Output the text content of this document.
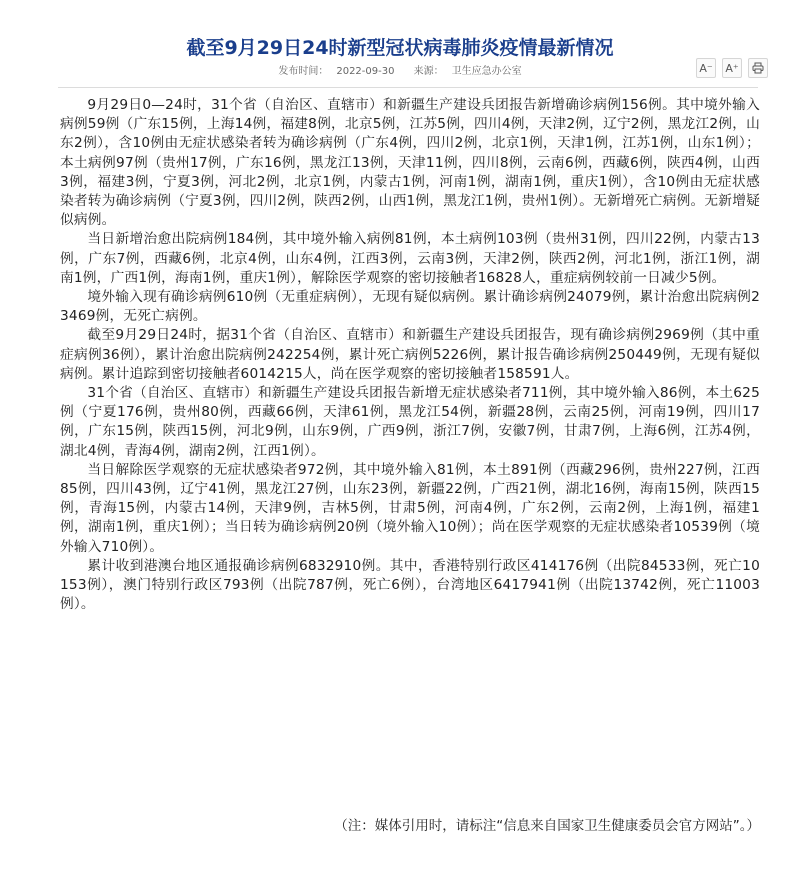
截至9月29日24时新型冠状病毒肺炎疫情最新情况
发布时间： 2022-09-30 来源： 卫生应急办公室	A⁻ A⁺

9月29日0—24时，31个省（自治区、直辖市）和新疆生产建设兵团报告新增确诊病例156例。其中境外输入病例59例（广东15例，上海14例，福建8例，北京5例，江苏5例，四川4例，天津2例，辽宁2例，黑龙江2例，山东2例），含10例由无症状感染者转为确诊病例（广东4例，四川2例，北京1例，天津1例，江苏1例，山东1例）；本土病例97例（贵州17例，广东16例，黑龙江13例，天津11例，四川8例，云南6例，西藏6例，陕西4例，山西3例，福建3例，宁夏3例，河北2例，北京1例，内蒙古1例，河南1例，湖南1例，重庆1例），含10例由无症状感染者转为确诊病例（宁夏3例，四川2例，陕西2例，山西1例，黑龙江1例，贵州1例）。无新增死亡病例。无新增疑似病例。

当日新增治愈出院病例184例，其中境外输入病例81例，本土病例103例（贵州31例，四川22例，内蒙古13例，广东7例，西藏6例，北京4例，山东4例，江西3例，云南3例，天津2例，陕西2例，河北1例，浙江1例，湖南1例，广西1例，海南1例，重庆1例），解除医学观察的密切接触者16828人，重症病例较前一日减少5例。

境外输入现有确诊病例610例（无重症病例），无现有疑似病例。累计确诊病例24079例，累计治愈出院病例23469例，无死亡病例。

截至9月29日24时，据31个省（自治区、直辖市）和新疆生产建设兵团报告，现有确诊病例2969例（其中重症病例36例），累计治愈出院病例242254例，累计死亡病例5226例，累计报告确诊病例250449例，无现有疑似病例。累计追踪到密切接触者6014215人，尚在医学观察的密切接触者158591人。

31个省（自治区、直辖市）和新疆生产建设兵团报告新增无症状感染者711例，其中境外输入86例，本土625例（宁夏176例，贵州80例，西藏66例，天津61例，黑龙江54例，新疆28例，云南25例，河南19例，四川17例，广东15例，陕西15例，河北9例，山东9例，广西9例，浙江7例，安徽7例，甘肃7例，上海6例，江苏4例，湖北4例，青海4例，湖南2例，江西1例）。

当日解除医学观察的无症状感染者972例，其中境外输入81例，本土891例（西藏296例，贵州227例，江西85例，四川43例，辽宁41例，黑龙江27例，山东23例，新疆22例，广西21例，湖北16例，海南15例，陕西15例，青海15例，内蒙古14例，天津9例，吉林5例，甘肃5例，河南4例，广东2例，云南2例，上海1例，福建1例，湖南1例，重庆1例）；当日转为确诊病例20例（境外输入10例）；尚在医学观察的无症状感染者10539例（境外输入710例）。

累计收到港澳台地区通报确诊病例6832910例。其中，香港特别行政区414176例（出院84533例，死亡10153例），澳门特别行政区793例（出院787例，死亡6例），台湾地区6417941例（出院13742例，死亡11003例）。

（注：媒体引用时，请标注“信息来自国家卫生健康委员会官方网站”。）
